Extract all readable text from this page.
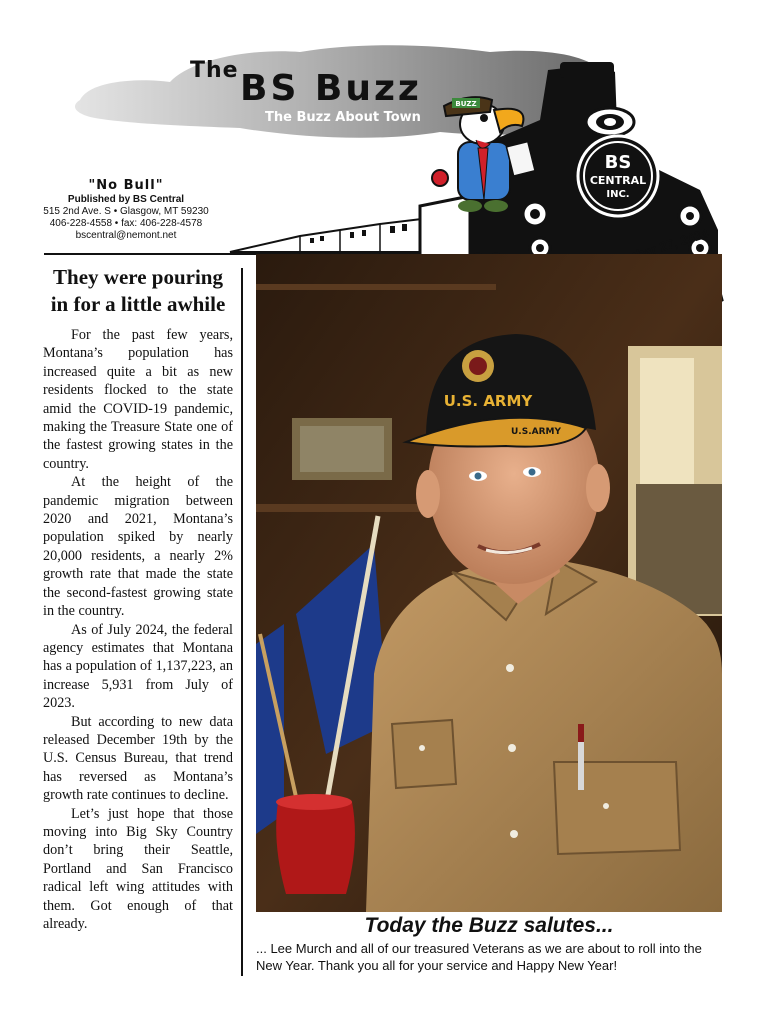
The BS Buzz
The Buzz About Town
"No Bull"
Published by BS Central
515 2nd Ave. S • Glasgow, MT 59230
406-228-4558 • fax: 406-228-4578
bscentral@nemont.net
BS
CENTRAL
INC.
BUZZ
They were pouring in for a little awhile

For the past few years, Montana’s population has increased quite a bit as new residents flocked to the state amid the COVID-19 pandemic, making the Treasure State one of the fastest growing states in the country.

At the height of the pandemic migration between 2020 and 2021, Montana’s population spiked by nearly 20,000 residents, a nearly 2% growth rate that made the state the second-fastest growing state in the country.

As of July 2024, the federal agency estimates that Montana has a population of 1,137,223, an increase 5,931 from July of 2023.

But according to new data released December 19th by the U.S. Census Bureau, that trend has reversed as Montana’s growth rate continues to decline.

Let’s just hope that those moving into Big Sky Country don’t bring their Seattle, Portland and San Francisco radical left wing attitudes with them. Got enough of that already.

U.S. ARMY
U.S.ARMY
Today the Buzz salutes...
... Lee Murch and all of our treasured Veterans as we are about to roll into the New Year. Thank you all for your service and Happy New Year!
